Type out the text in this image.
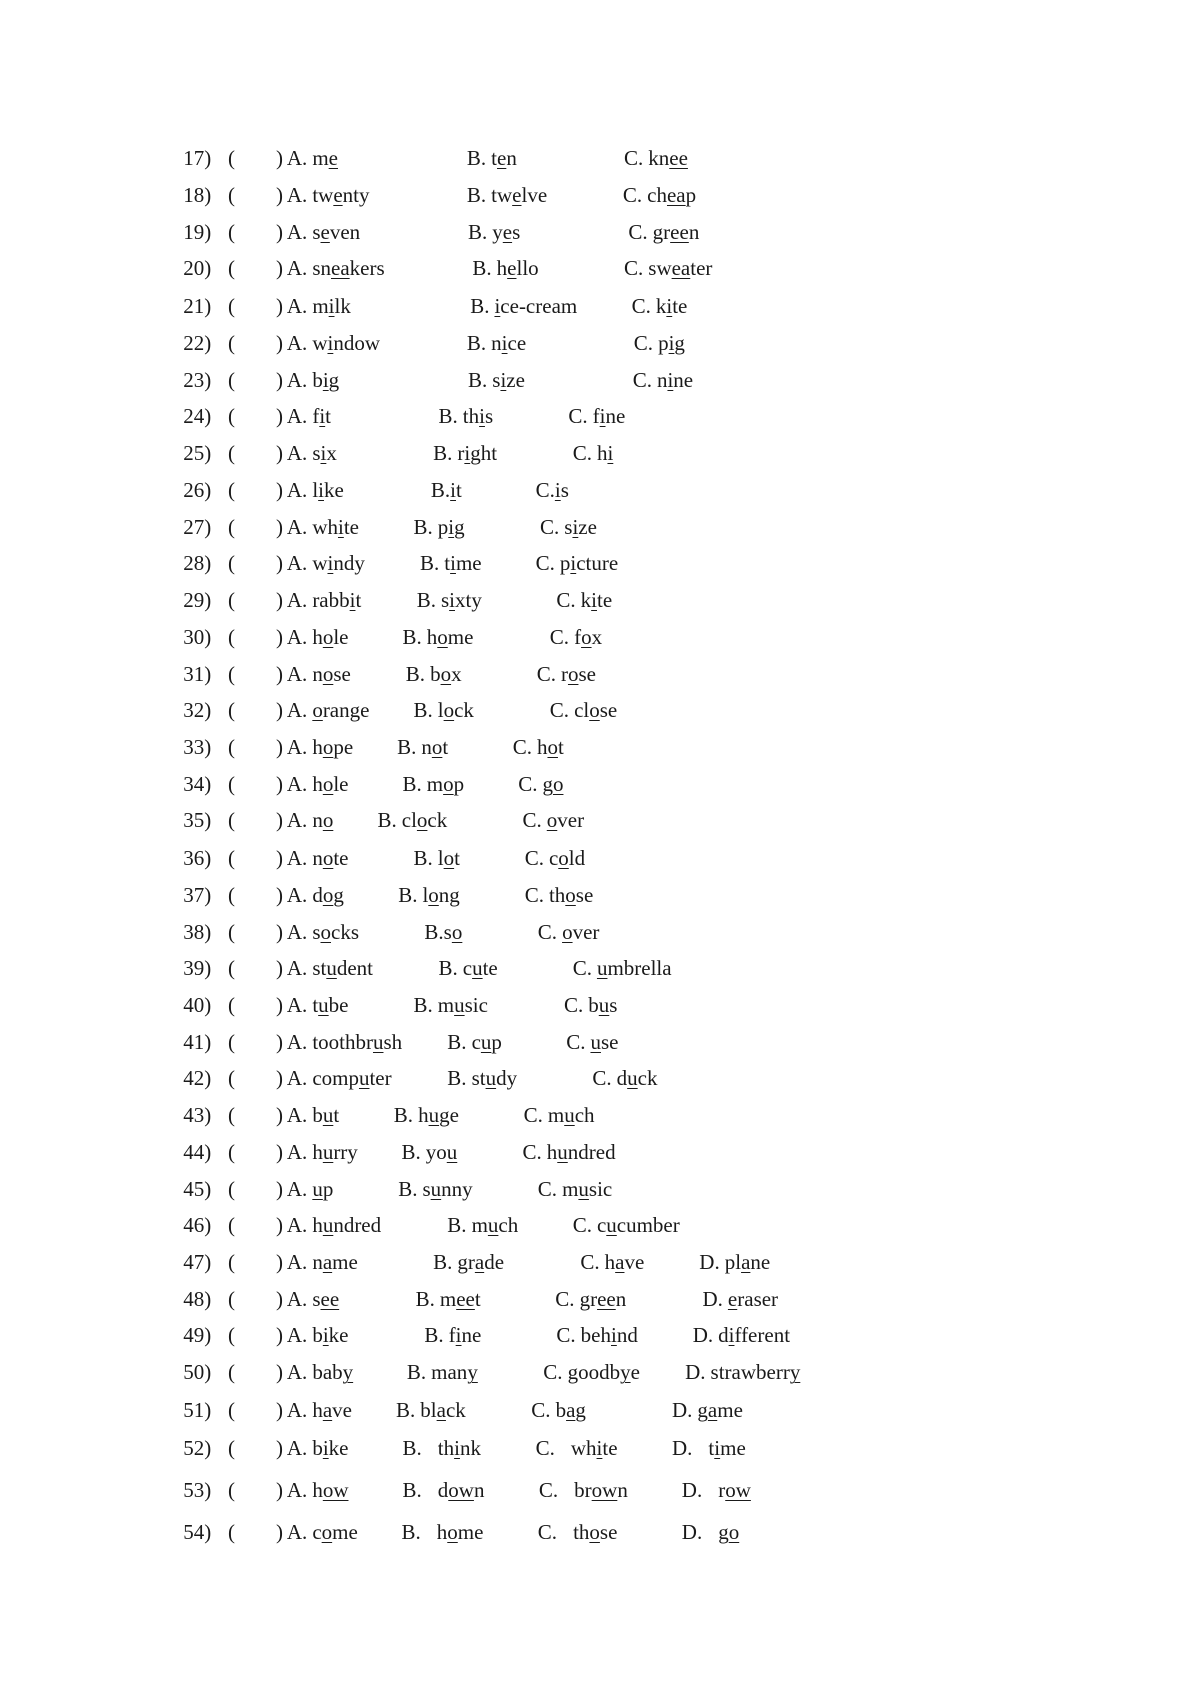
17) ( ) A. me	B. ten	C. knee
18) ( ) A. twenty	B. twelve	C. cheap
19) ( ) A. seven	B. yes	C. green
20) ( ) A. sneakers	B. hello	C. sweater
21) ( ) A. milk	B. ice-cream	C. kite
22) ( ) A. window	B. nice	C. pig
23) ( ) A. big	B. size	C. nine
24) ( ) A. fit	B. this	C. fine
25) ( ) A. six	B. right	C. hi
26) ( ) A. like	B.it	C.is
27) ( ) A. white	B. pig	C. size
28) ( ) A. windy	B. time	C. picture
29) ( ) A. rabbit	B. sixty	C. kite
30) ( ) A. hole	B. home	C. fox
31) ( ) A. nose	B. box	C. rose
32) ( ) A. orange B. lock	C. close
33) ( ) A. hope B. not	C. hot
34) ( ) A. hole	B. mop	C. go
35) ( ) A. no B. clock	C. over
36) ( ) A. note	B. lot	C. cold
37) ( ) A. dog	B. long	C. those
38) ( ) A. socks	B.so	C. over
39) ( ) A. student	B. cute	C. umbrella
40) ( ) A. tube	B. music	C. bus
41) ( ) A. toothbrush B. cup	C. use
42) ( ) A. computer	B. study	C. duck
43) ( ) A. but	B. huge	C. much
44) ( ) A. hurry B. you	C. hundred
45) ( ) A. up	B. sunny	C. music
46) ( ) A. hundred	B. much	C. cucumber
47) ( ) A. name	B. grade	C. have	D. plane
48) ( ) A. see	B. meet	C. green	D. eraser
49) ( ) A. bike	B. fine	C. behind	D. different
50) ( ) A. baby	B. many	C. goodbye D. strawberry
51) ( ) A. have B. black	C. bag	D. game
52) ( ) A. bike	B. think	C. white	D. time
53) ( ) A. how	B. down	C. brown	D. row
54) ( ) A. come B. home	C. those	D. go
